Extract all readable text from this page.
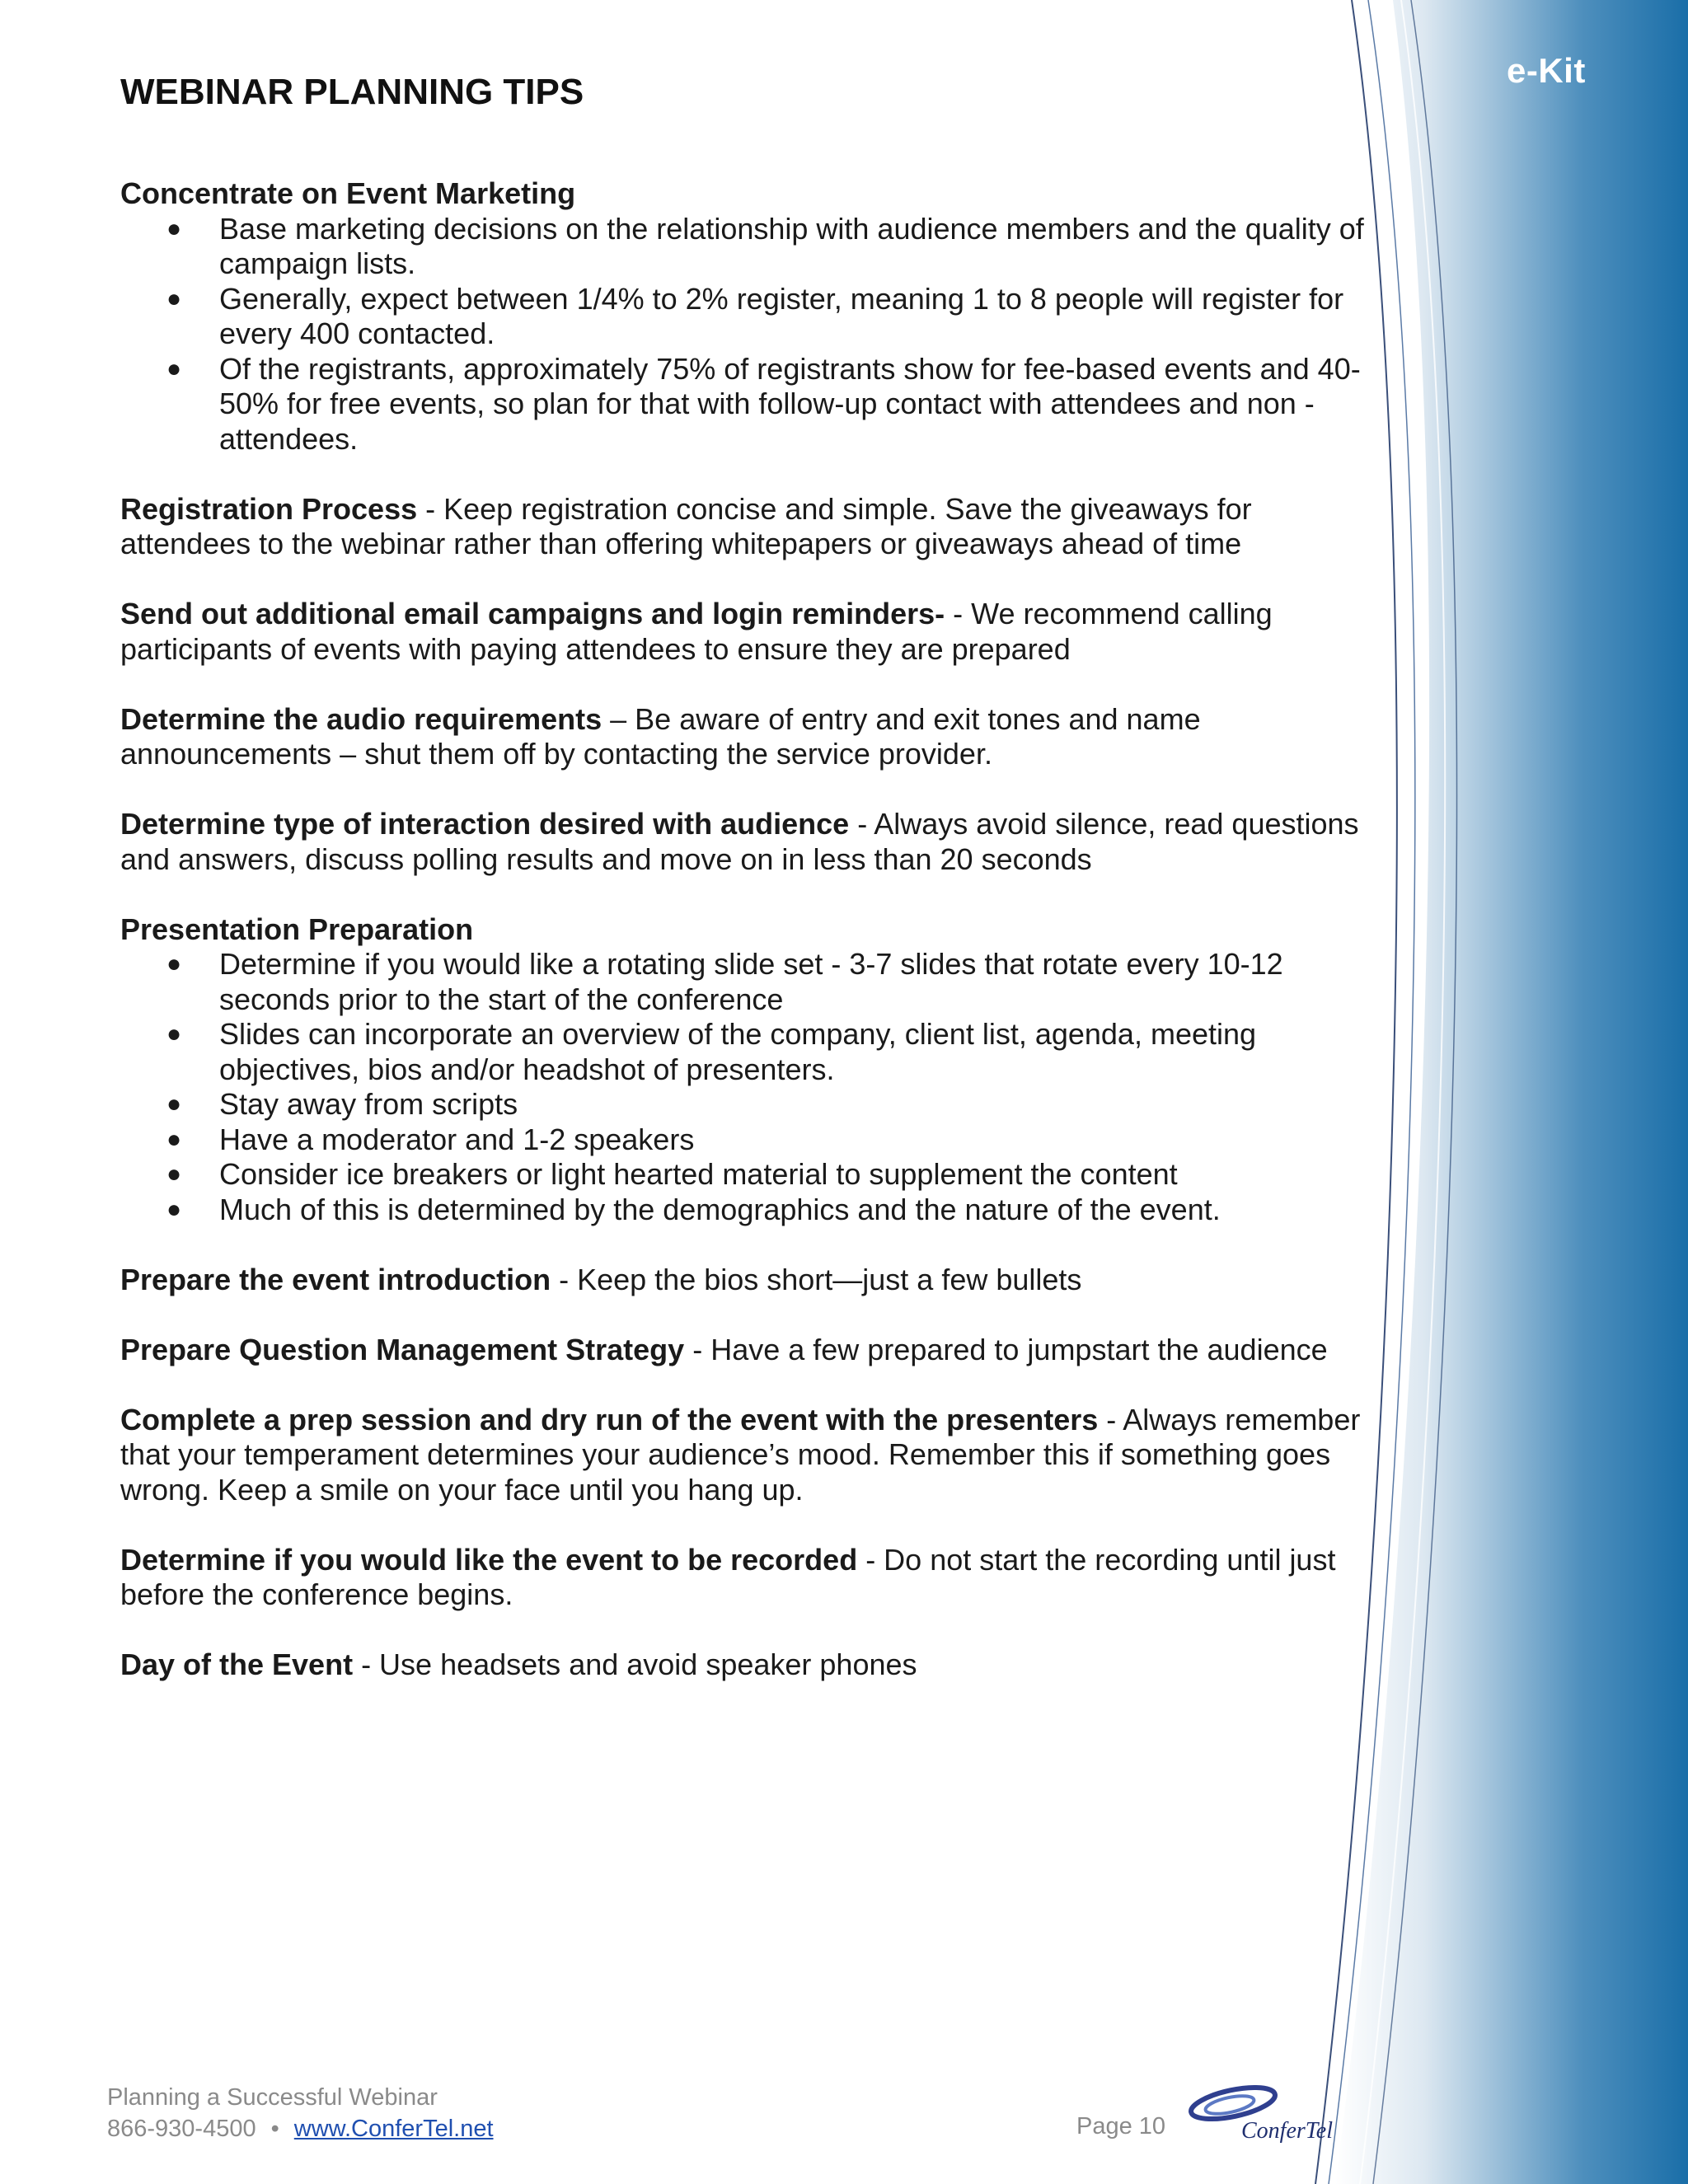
e-Kit
WEBINAR PLANNING TIPS
Concentrate on Event Marketing
● Base marketing decisions on the relationship with audience members and the quality of campaign lists.
● Generally, expect between 1/4% to 2% register, meaning 1 to 8 people will register for every 400 contacted.
● Of the registrants, approximately 75% of registrants show for fee-based events and 40-50% for free events, so plan for that with follow-up contact with attendees and non -attendees.
Registration Process - Keep registration concise and simple. Save the giveaways for attendees to the webinar rather than offering whitepapers or giveaways ahead of time
Send out additional email campaigns and login reminders- - We recommend calling participants of events with paying attendees to ensure they are prepared
Determine the audio requirements – Be aware of entry and exit tones and name announcements – shut them off by contacting the service provider.
Determine type of interaction desired with audience - Always avoid silence, read questions and answers, discuss polling results and move on in less than 20 seconds
Presentation Preparation
● Determine if you would like a rotating slide set - 3-7 slides that rotate every 10-12 seconds prior to the start of the conference
● Slides can incorporate an overview of the company, client list, agenda, meeting objectives, bios and/or headshot of presenters.
● Stay away from scripts
● Have a moderator and 1-2 speakers
● Consider ice breakers or light hearted material to supplement the content
● Much of this is determined by the demographics and the nature of the event.
Prepare the event introduction - Keep the bios short—just a few bullets
Prepare Question Management Strategy - Have a few prepared to jumpstart the audience
Complete a prep session and dry run of the event with the presenters - Always remember that your temperament determines your audience’s mood. Remember this if something goes wrong. Keep a smile on your face until you hang up.
Determine if you would like the event to be recorded - Do not start the recording until just before the conference begins.
Day of the Event - Use headsets and avoid speaker phones
Planning a Successful Webinar
866-930-4500 • www.ConferTel.net	Page 10	ConferTel
